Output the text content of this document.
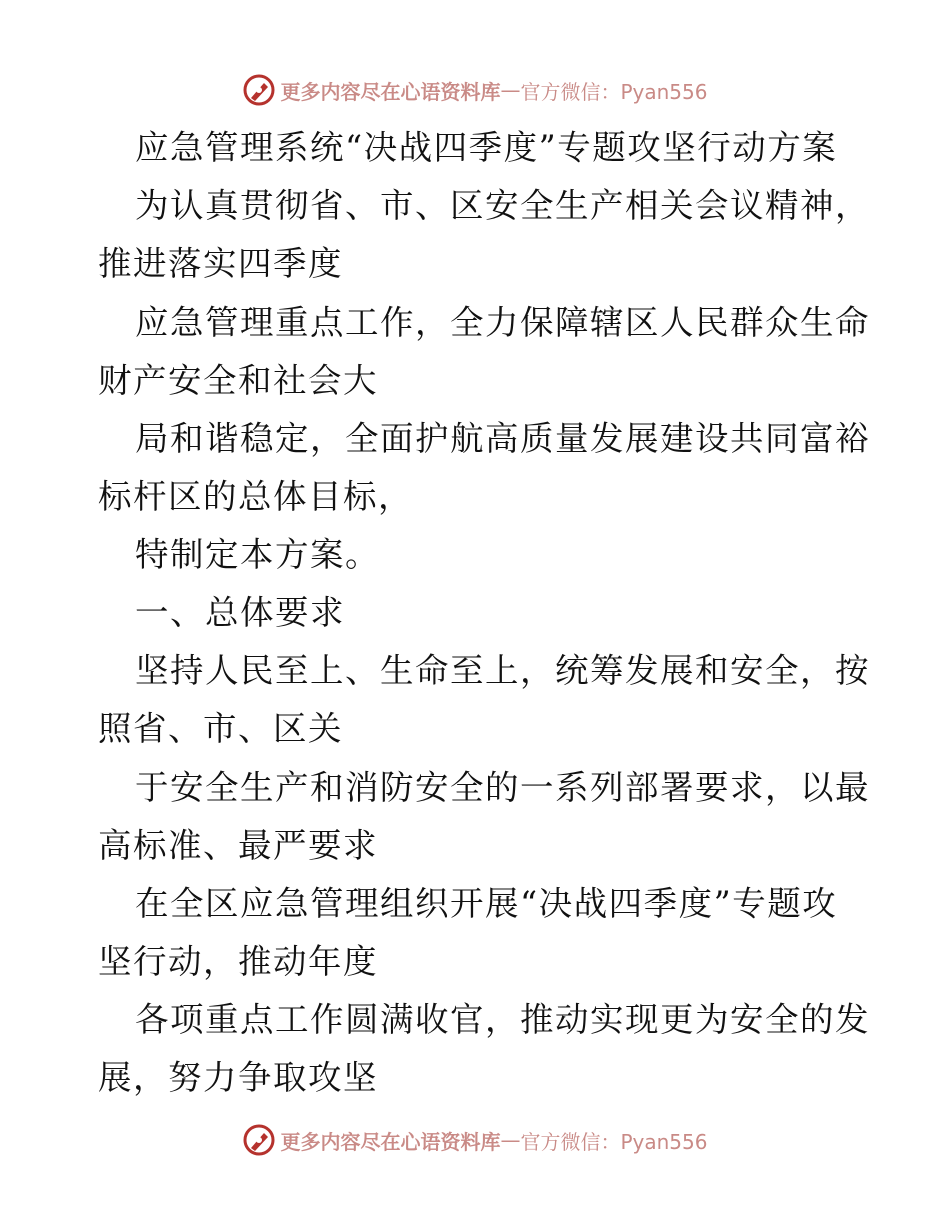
更多内容尽在心语资料库 — 官方微信：Pyan556
应急管理系统“决战四季度”专题攻坚行动方案
为认真贯彻省、市、区安全生产相关会议精神，
推进落实四季度
应急管理重点工作，全力保障辖区人民群众生命
财产安全和社会大
局和谐稳定，全面护航高质量发展建设共同富裕
标杆区的总体目标，
特制定本方案。
一、总体要求
坚持人民至上、生命至上，统筹发展和安全，按
照省、市、区关
于安全生产和消防安全的一系列部署要求，以最
高标准、最严要求
在全区应急管理组织开展“决战四季度”专题攻
坚行动，推动年度
各项重点工作圆满收官，推动实现更为安全的发
展，努力争取攻坚
更多内容尽在心语资料库 — 官方微信：Pyan556
